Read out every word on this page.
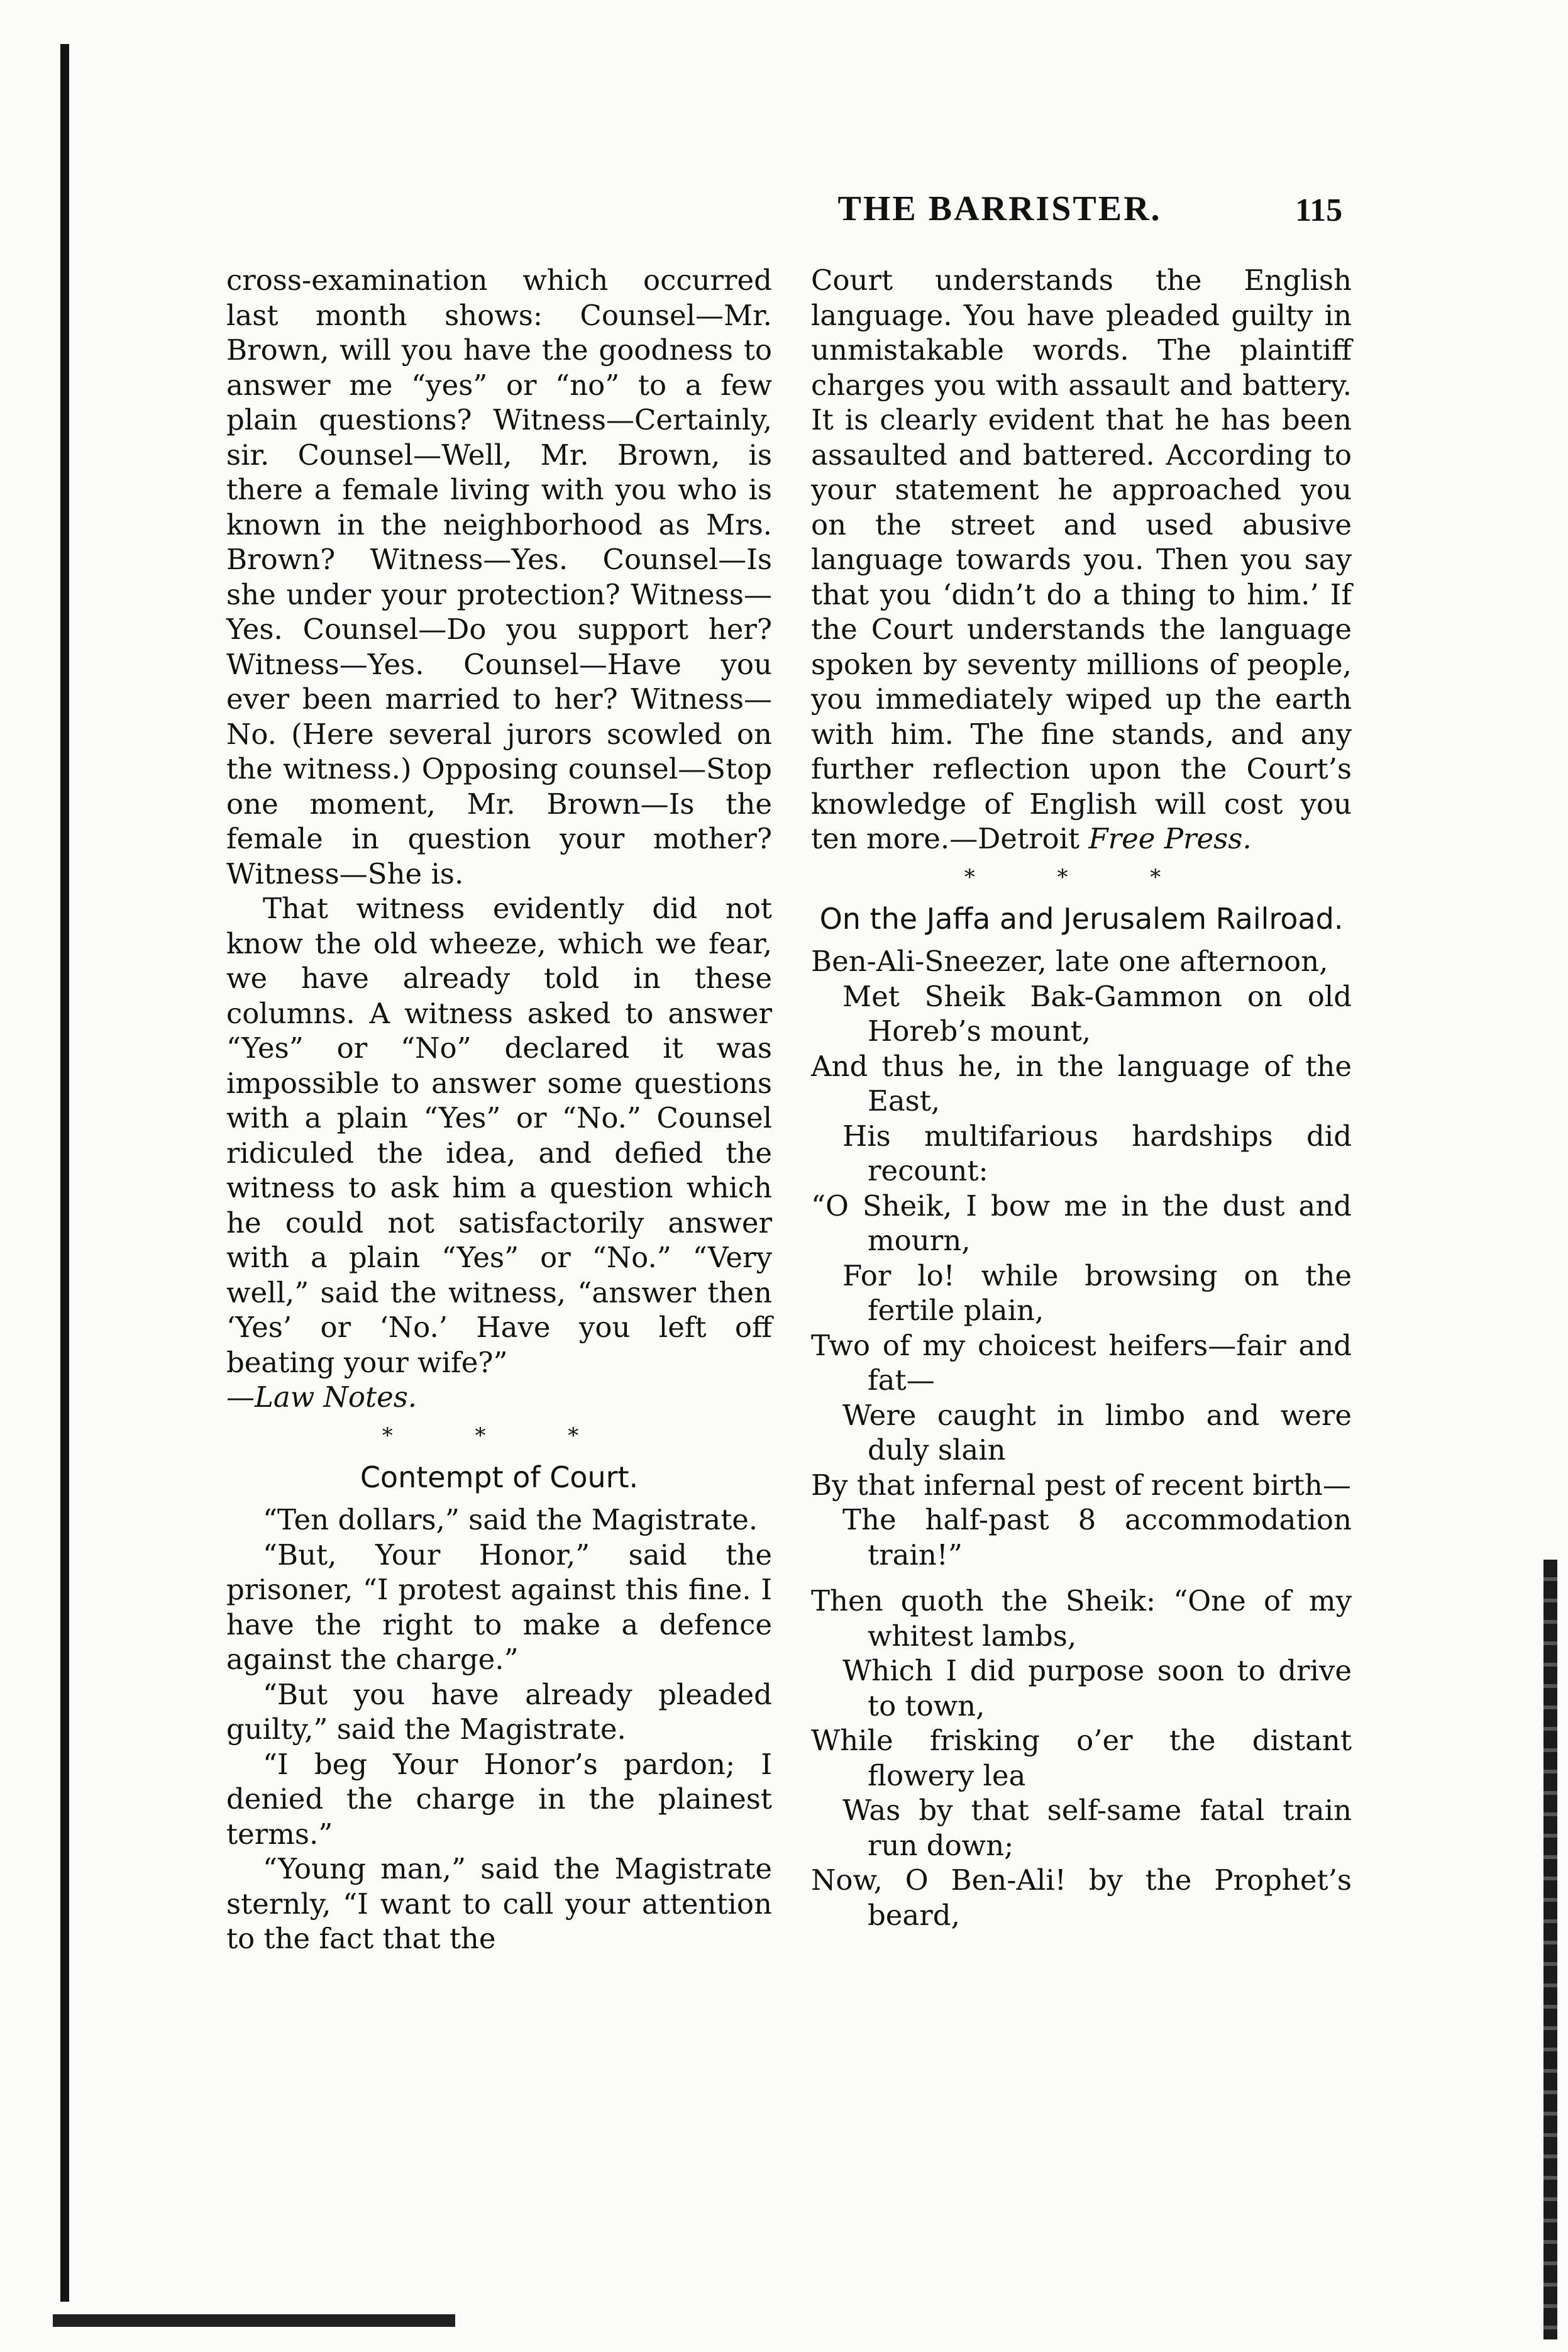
THE BARRISTER.	115

cross-examination which occurred last month shows: Counsel—Mr. Brown, will you have the goodness to answer me “yes” or “no” to a few plain questions? Witness—Certainly, sir. Counsel—Well, Mr. Brown, is there a female living with you who is known in the neighborhood as Mrs. Brown? Witness—Yes. Counsel—Is she under your protection? Witness—Yes. Counsel—Do you support her? Witness—Yes. Counsel—Have you ever been married to her? Witness—No. (Here several jurors scowled on the witness.) Opposing counsel—Stop one moment, Mr. Brown—Is the female in question your mother? Witness—She is.

That witness evidently did not know the old wheeze, which we fear, we have already told in these columns. A witness asked to answer “Yes” or “No” declared it was impossible to answer some questions with a plain “Yes” or “No.” Counsel ridiculed the idea, and defied the witness to ask him a question which he could not satisfactorily answer with a plain “Yes” or “No.” “Very well,” said the witness, “answer then ‘Yes’ or ‘No.’ Have you left off beating your wife?”
—Law Notes.

* * *
Contempt of Court.

“Ten dollars,” said the Magistrate.

“But, Your Honor,” said the prisoner, “I protest against this fine. I have the right to make a defence against the charge.”

“But you have already pleaded guilty,” said the Magistrate.

“I beg Your Honor’s pardon; I denied the charge in the plainest terms.”

“Young man,” said the Magistrate sternly, “I want to call your attention to the fact that the

Court understands the English language. You have pleaded guilty in unmistakable words. The plaintiff charges you with assault and battery. It is clearly evident that he has been assaulted and battered. According to your statement he approached you on the street and used abusive language towards you. Then you say that you ‘didn’t do a thing to him.’ If the Court understands the language spoken by seventy millions of people, you immediately wiped up the earth with him. The fine stands, and any further reflection upon the Court’s knowledge of English will cost you ten more.—Detroit Free Press.

* * *
On the Jaffa and Jerusalem Railroad.

Ben-Ali-Sneezer, late one afternoon,

Met Sheik Bak-Gammon on old Horeb’s mount,

And thus he, in the language of the East,

His multifarious hardships did recount:

“O Sheik, I bow me in the dust and mourn,

For lo! while browsing on the fertile plain,

Two of my choicest heifers—fair and fat—

Were caught in limbo and were duly slain

By that infernal pest of recent birth—

The half-past 8 accommodation train!”

Then quoth the Sheik: “One of my whitest lambs,

Which I did purpose soon to drive to town,

While frisking o’er the distant flowery lea

Was by that self-same fatal train run down;

Now, O Ben-Ali! by the Prophet’s beard,
